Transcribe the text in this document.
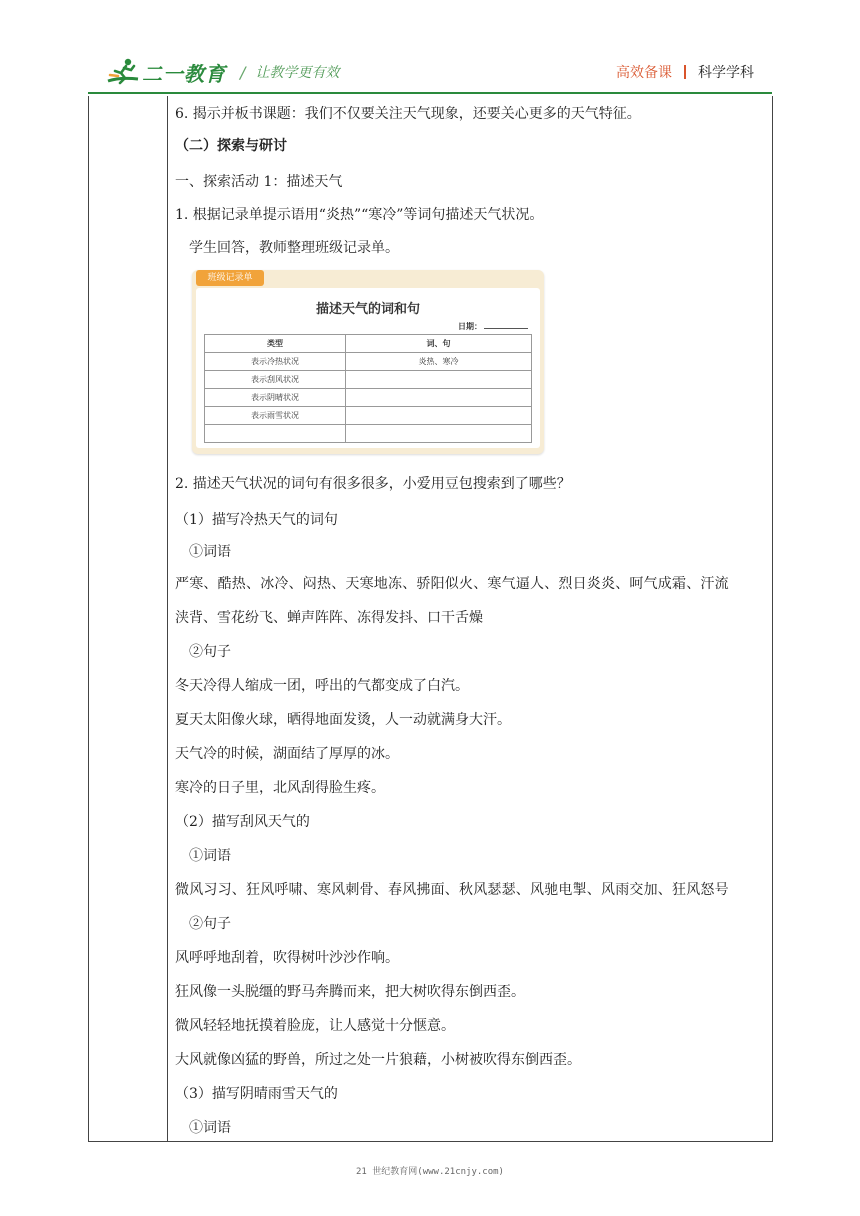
二一教育 / 让教学更有效	高效备课 科学学科
6. 揭示并板书课题：我们不仅要关注天气现象，还要关心更多的天气特征。
（二）探索与研讨
一、探索活动 1：描述天气
1. 根据记录单提示语用“炎热”“寒冷”等词句描述天气状况。
学生回答，教师整理班级记录单。
2. 描述天气状况的词句有很多很多，小爱用豆包搜索到了哪些？
（1）描写冷热天气的词句
①词语
严寒、酷热、冰冷、闷热、天寒地冻、骄阳似火、寒气逼人、烈日炎炎、呵气成霜、汗流
浃背、雪花纷飞、蝉声阵阵、冻得发抖、口干舌燥
②句子
冬天冷得人缩成一团，呼出的气都变成了白汽。
夏天太阳像火球，晒得地面发烫，人一动就满身大汗。
天气冷的时候，湖面结了厚厚的冰。
寒冷的日子里，北风刮得脸生疼。
（2）描写刮风天气的
①词语
微风习习、狂风呼啸、寒风刺骨、春风拂面、秋风瑟瑟、风驰电掣、风雨交加、狂风怒号
②句子
风呼呼地刮着，吹得树叶沙沙作响。
狂风像一头脱缰的野马奔腾而来，把大树吹得东倒西歪。
微风轻轻地抚摸着脸庞，让人感觉十分惬意。
大风就像凶猛的野兽，所过之处一片狼藉，小树被吹得东倒西歪。
（3）描写阴晴雨雪天气的
①词语
班级记录单
描述天气的词和句
日期：
类型	词、句
表示冷热状况	炎热、寒冷
表示刮风状况	
表示阴晴状况	
表示雨雪状况	

21 世纪教育网(www.21cnjy.com)
